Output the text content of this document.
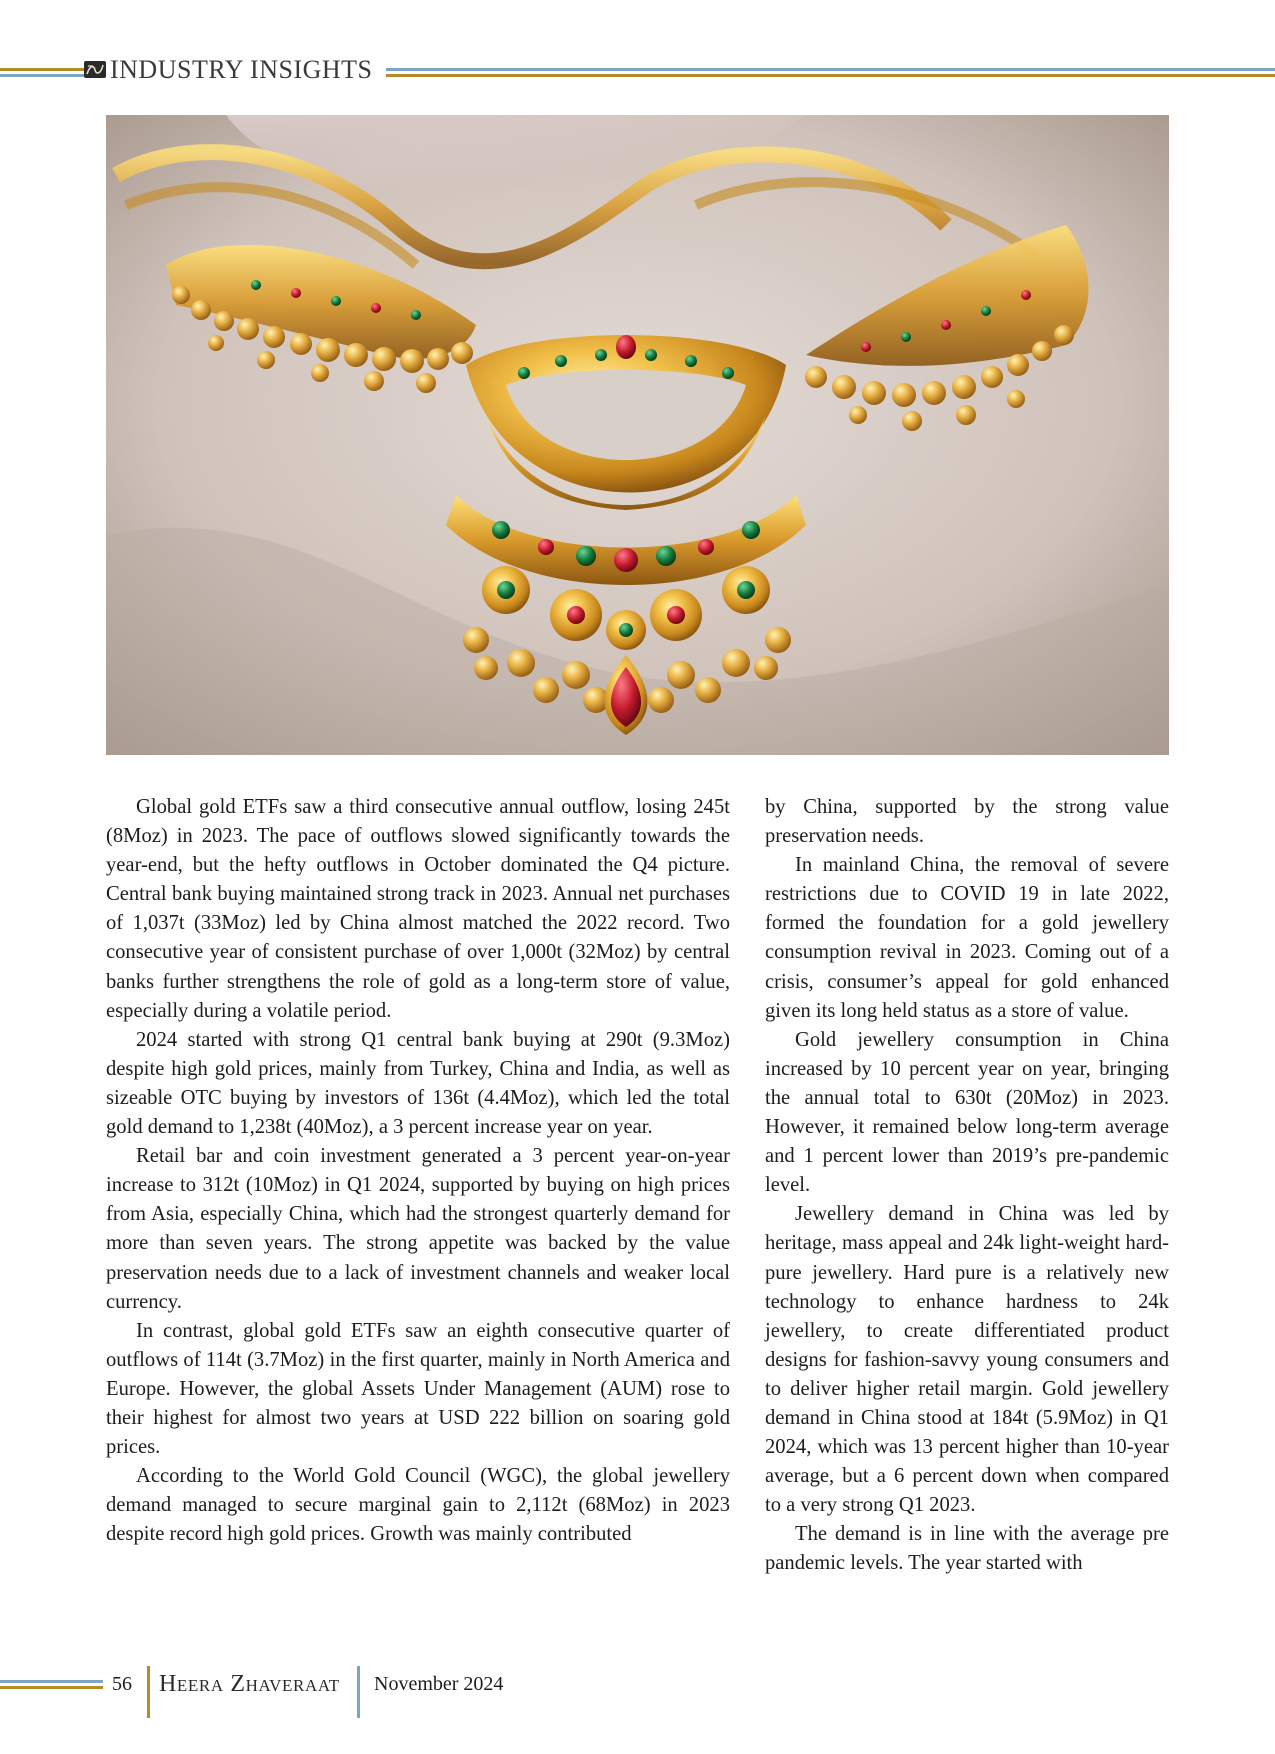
INDUSTRY INSIGHTS

Global gold ETFs saw a third consecutive annual outflow, losing 245t (8Moz) in 2023. The pace of outflows slowed significantly towards the year-end, but the hefty outflows in October dominated the Q4 picture. Central bank buying maintained strong track in 2023. Annual net purchases of 1,037t (33Moz) led by China almost matched the 2022 record. Two consecutive year of consistent purchase of over 1,000t (32Moz) by central banks further strengthens the role of gold as a long-term store of value, especially during a volatile period.

2024 started with strong Q1 central bank buying at 290t (9.3Moz) despite high gold prices, mainly from Turkey, China and India, as well as sizeable OTC buying by investors of 136t (4.4Moz), which led the total gold demand to 1,238t (40Moz), a 3 percent increase year on year.

Retail bar and coin investment generated a 3 percent year-on-year increase to 312t (10Moz) in Q1 2024, supported by buying on high prices from Asia, especially China, which had the strongest quarterly demand for more than seven years. The strong appetite was backed by the value preservation needs due to a lack of investment channels and weaker local currency.

In contrast, global gold ETFs saw an eighth consecutive quarter of outflows of 114t (3.7Moz) in the first quarter, mainly in North America and Europe. However, the global Assets Under Management (AUM) rose to their highest for almost two years at USD 222 billion on soaring gold prices.

According to the World Gold Council (WGC), the global jewellery demand managed to secure marginal gain to 2,112t (68Moz) in 2023 despite record high gold prices. Growth was mainly contributed

by China, supported by the strong value preservation needs.

In mainland China, the removal of severe restrictions due to COVID 19 in late 2022, formed the foundation for a gold jewellery consumption revival in 2023. Coming out of a crisis, consumer’s appeal for gold enhanced given its long held status as a store of value.

Gold jewellery consumption in China increased by 10 percent year on year, bringing the annual total to 630t (20Moz) in 2023. However, it remained below long-term average and 1 percent lower than 2019’s pre-pandemic level.

Jewellery demand in China was led by heritage, mass appeal and 24k light-weight hard-pure jewellery. Hard pure is a relatively new technology to enhance hardness to 24k jewellery, to create differentiated product designs for fashion-savvy young consumers and to deliver higher retail margin. Gold jewellery demand in China stood at 184t (5.9Moz) in Q1 2024, which was 13 percent higher than 10-year average, but a 6 percent down when compared to a very strong Q1 2023.

The demand is in line with the average pre pandemic levels. The year started with

56 Heera Zhaveraat November 2024
